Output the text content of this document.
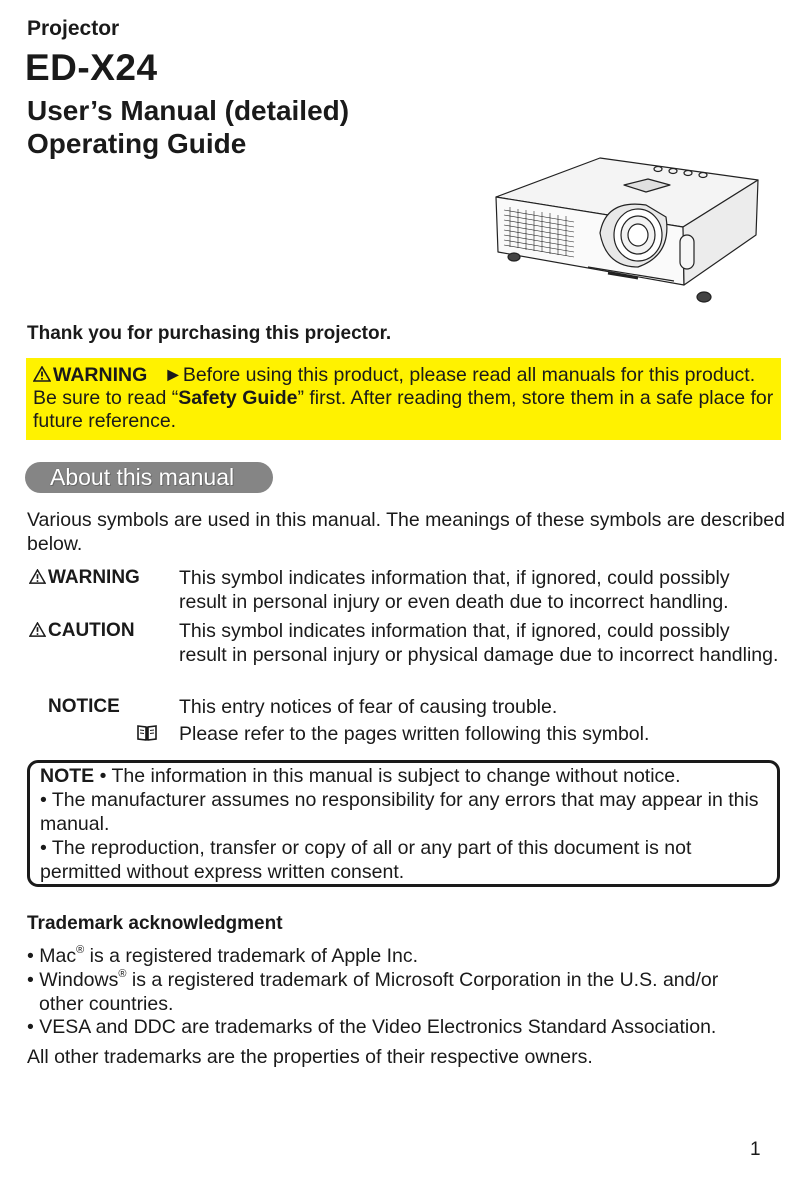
Projector
ED-X24
User’s Manual (detailed)
Operating Guide
Thank you for purchasing this projector.
WARNING ►Before using this product, please read all manuals for this product. Be sure to read “Safety Guide” first. After reading them, store them in a safe place for future reference.
About this manual
Various symbols are used in this manual. The meanings of these symbols are described below.
WARNING This symbol indicates information that, if ignored, could possibly result in personal injury or even death due to incorrect handling.
CAUTION This symbol indicates information that, if ignored, could possibly result in personal injury or physical damage due to incorrect handling.
NOTICE	This entry notices of fear of causing trouble.
Please refer to the pages written following this symbol.
NOTE • The information in this manual is subject to change without notice.
• The manufacturer assumes no responsibility for any errors that may appear in this manual.
• The reproduction, transfer or copy of all or any part of this document is not permitted without express written consent.
Trademark acknowledgment
• Mac® is a registered trademark of Apple Inc.
• Windows® is a registered trademark of Microsoft Corporation in the U.S. and/or
other countries.
• VESA and DDC are trademarks of the Video Electronics Standard Association.
All other trademarks are the properties of their respective owners.
1
